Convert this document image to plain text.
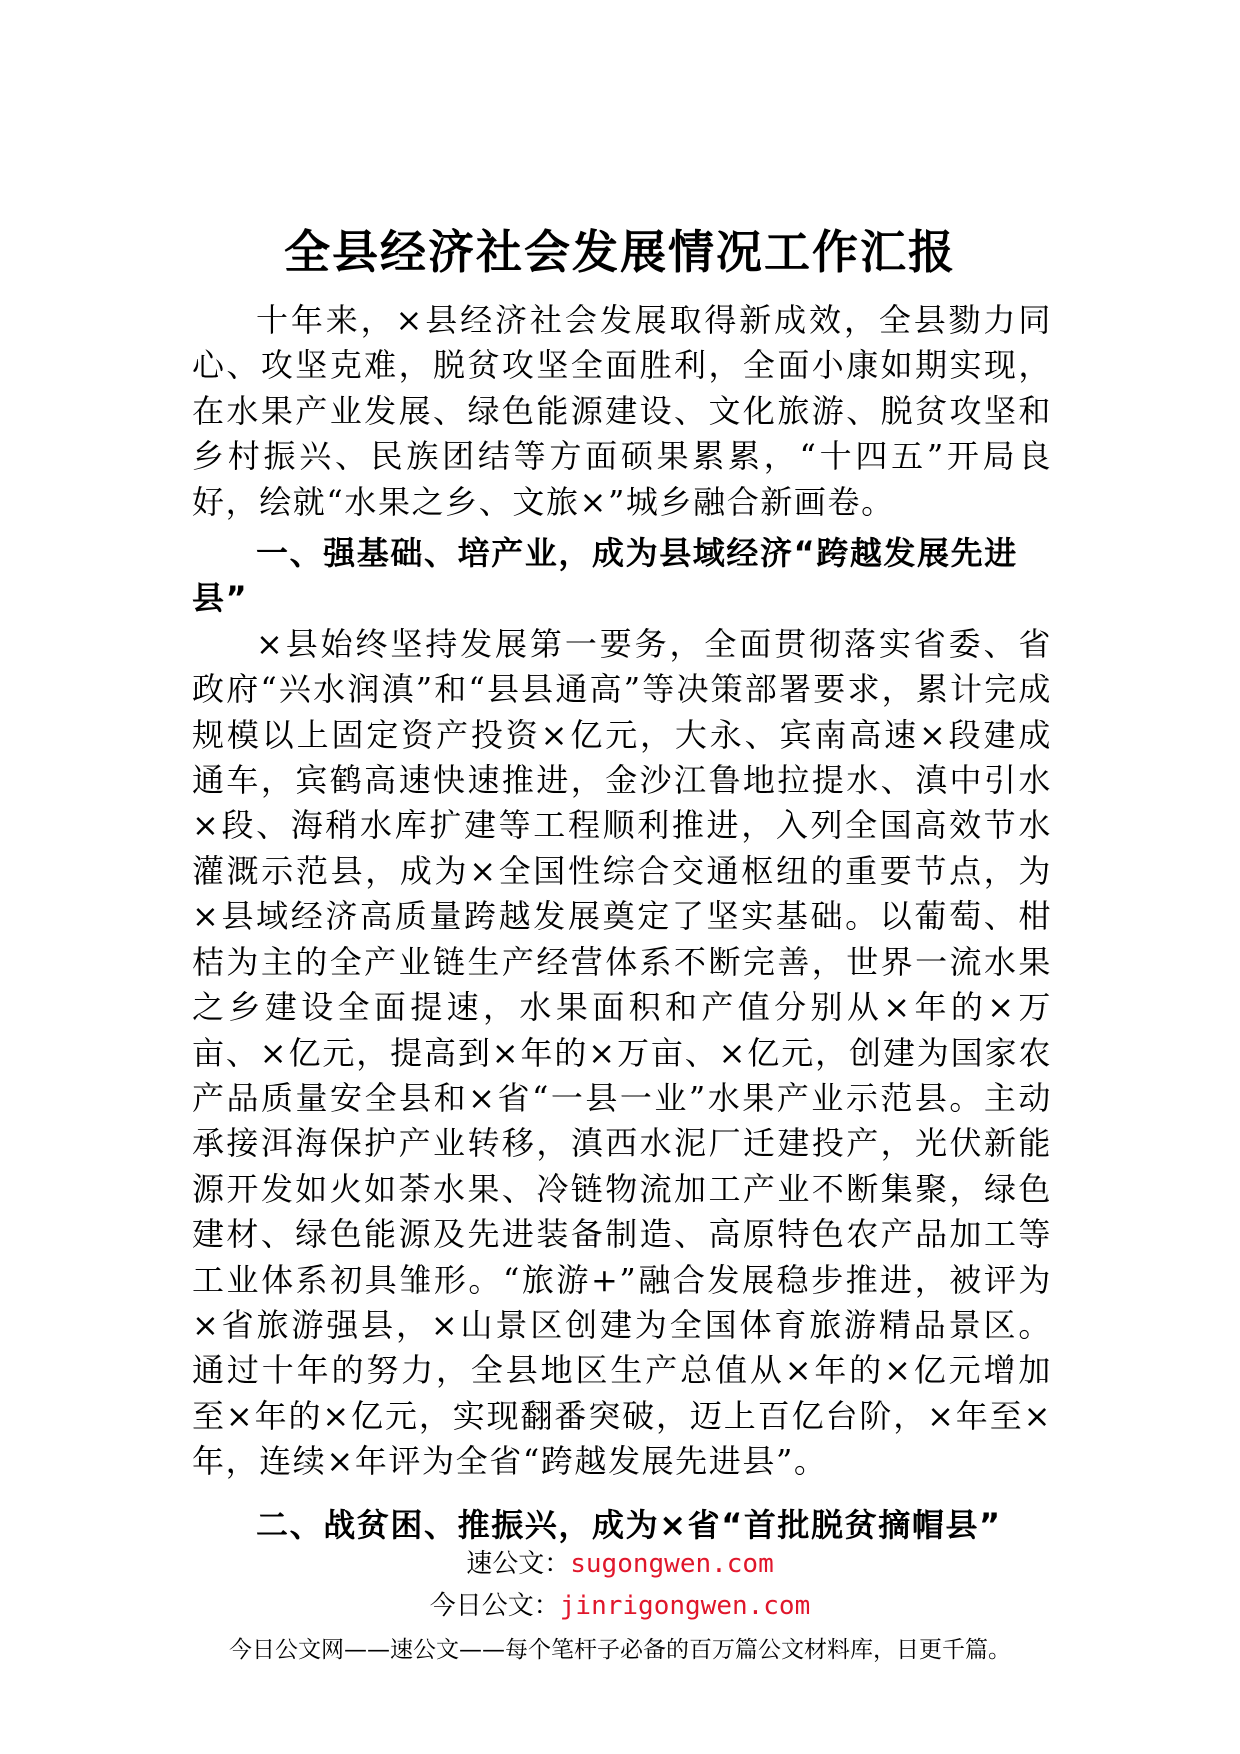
全县经济社会发展情况工作汇报

十年来，×县经济社会发展取得新成效，全县勠力同心、攻坚克难，脱贫攻坚全面胜利，全面小康如期实现，在水果产业发展、绿色能源建设、文化旅游、脱贫攻坚和乡村振兴、民族团结等方面硕果累累，“十四五”开局良好，绘就“水果之乡、文旅×”城乡融合新画卷。

一、强基础、培产业，成为县域经济“跨越发展先进县”

×县始终坚持发展第一要务，全面贯彻落实省委、省政府“兴水润滇”和“县县通高”等决策部署要求，累计完成规模以上固定资产投资×亿元，大永、宾南高速×段建成通车，宾鹤高速快速推进，金沙江鲁地拉提水、滇中引水×段、海稍水库扩建等工程顺利推进，入列全国高效节水灌溉示范县，成为×全国性综合交通枢纽的重要节点，为×县域经济高质量跨越发展奠定了坚实基础。以葡萄、柑桔为主的全产业链生产经营体系不断完善，世界一流水果之乡建设全面提速，水果面积和产值分别从×年的×万亩、×亿元，提高到×年的×万亩、×亿元，创建为国家农产品质量安全县和×省“一县一业”水果产业示范县。主动承接洱海保护产业转移，滇西水泥厂迁建投产，光伏新能源开发如火如荼水果、冷链物流加工产业不断集聚，绿色建材、绿色能源及先进装备制造、高原特色农产品加工等工业体系初具雏形。“旅游+”融合发展稳步推进，被评为×省旅游强县，×山景区创建为全国体育旅游精品景区。通过十年的努力，全县地区生产总值从×年的×亿元增加至×年的×亿元，实现翻番突破，迈上百亿台阶，×年至×年，连续×年评为全省“跨越发展先进县”。

二、战贫困、推振兴，成为×省“首批脱贫摘帽县”

速公文：sugongwen.com
今日公文：jinrigongwen.com
今日公文网——速公文——每个笔杆子必备的百万篇公文材料库，日更千篇。
